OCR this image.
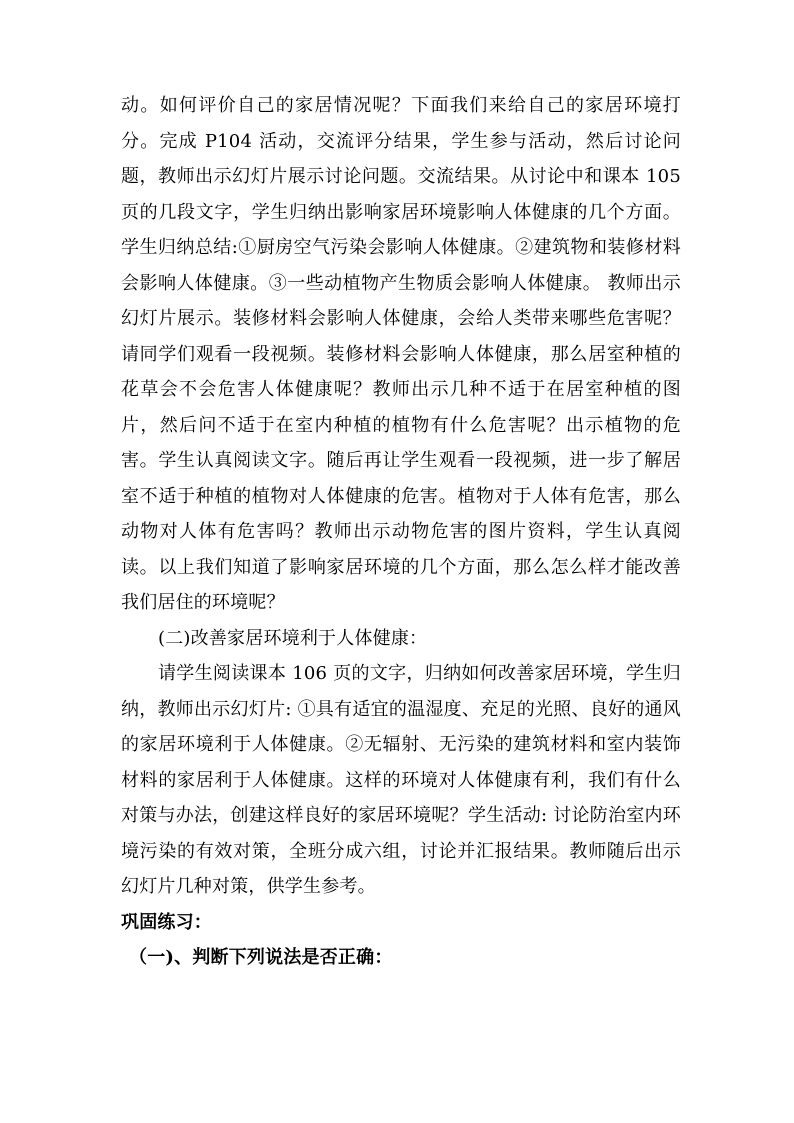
动。如何评价自己的家居情况呢？下面我们来给自己的家居环境打分。完成 P104 活动，交流评分结果，学生参与活动，然后讨论问题，教师出示幻灯片展示讨论问题。交流结果。从讨论中和课本 105 页的几段文字，学生归纳出影响家居环境影响人体健康的几个方面。学生归纳总结:①厨房空气污染会影响人体健康。②建筑物和装修材料会影响人体健康。③一些动植物产生物质会影响人体健康。 教师出示幻灯片展示。装修材料会影响人体健康，会给人类带来哪些危害呢？请同学们观看一段视频。装修材料会影响人体健康，那么居室种植的花草会不会危害人体健康呢？教师出示几种不适于在居室种植的图片，然后问不适于在室内种植的植物有什么危害呢？出示植物的危害。学生认真阅读文字。随后再让学生观看一段视频，进一步了解居室不适于种植的植物对人体健康的危害。植物对于人体有危害，那么动物对人体有危害吗？教师出示动物危害的图片资料，学生认真阅读。以上我们知道了影响家居环境的几个方面，那么怎么样才能改善我们居住的环境呢？

(二)改善家居环境利于人体健康：

请学生阅读课本 106 页的文字，归纳如何改善家居环境，学生归纳，教师出示幻灯片: ①具有适宜的温湿度、充足的光照、良好的通风的家居环境利于人体健康。②无辐射、无污染的建筑材料和室内装饰材料的家居利于人体健康。这样的环境对人体健康有利，我们有什么对策与办法，创建这样良好的家居环境呢？学生活动: 讨论防治室内环境污染的有效对策，全班分成六组，讨论并汇报结果。教师随后出示幻灯片几种对策，供学生参考。

巩固练习：

（一)、判断下列说法是否正确：
